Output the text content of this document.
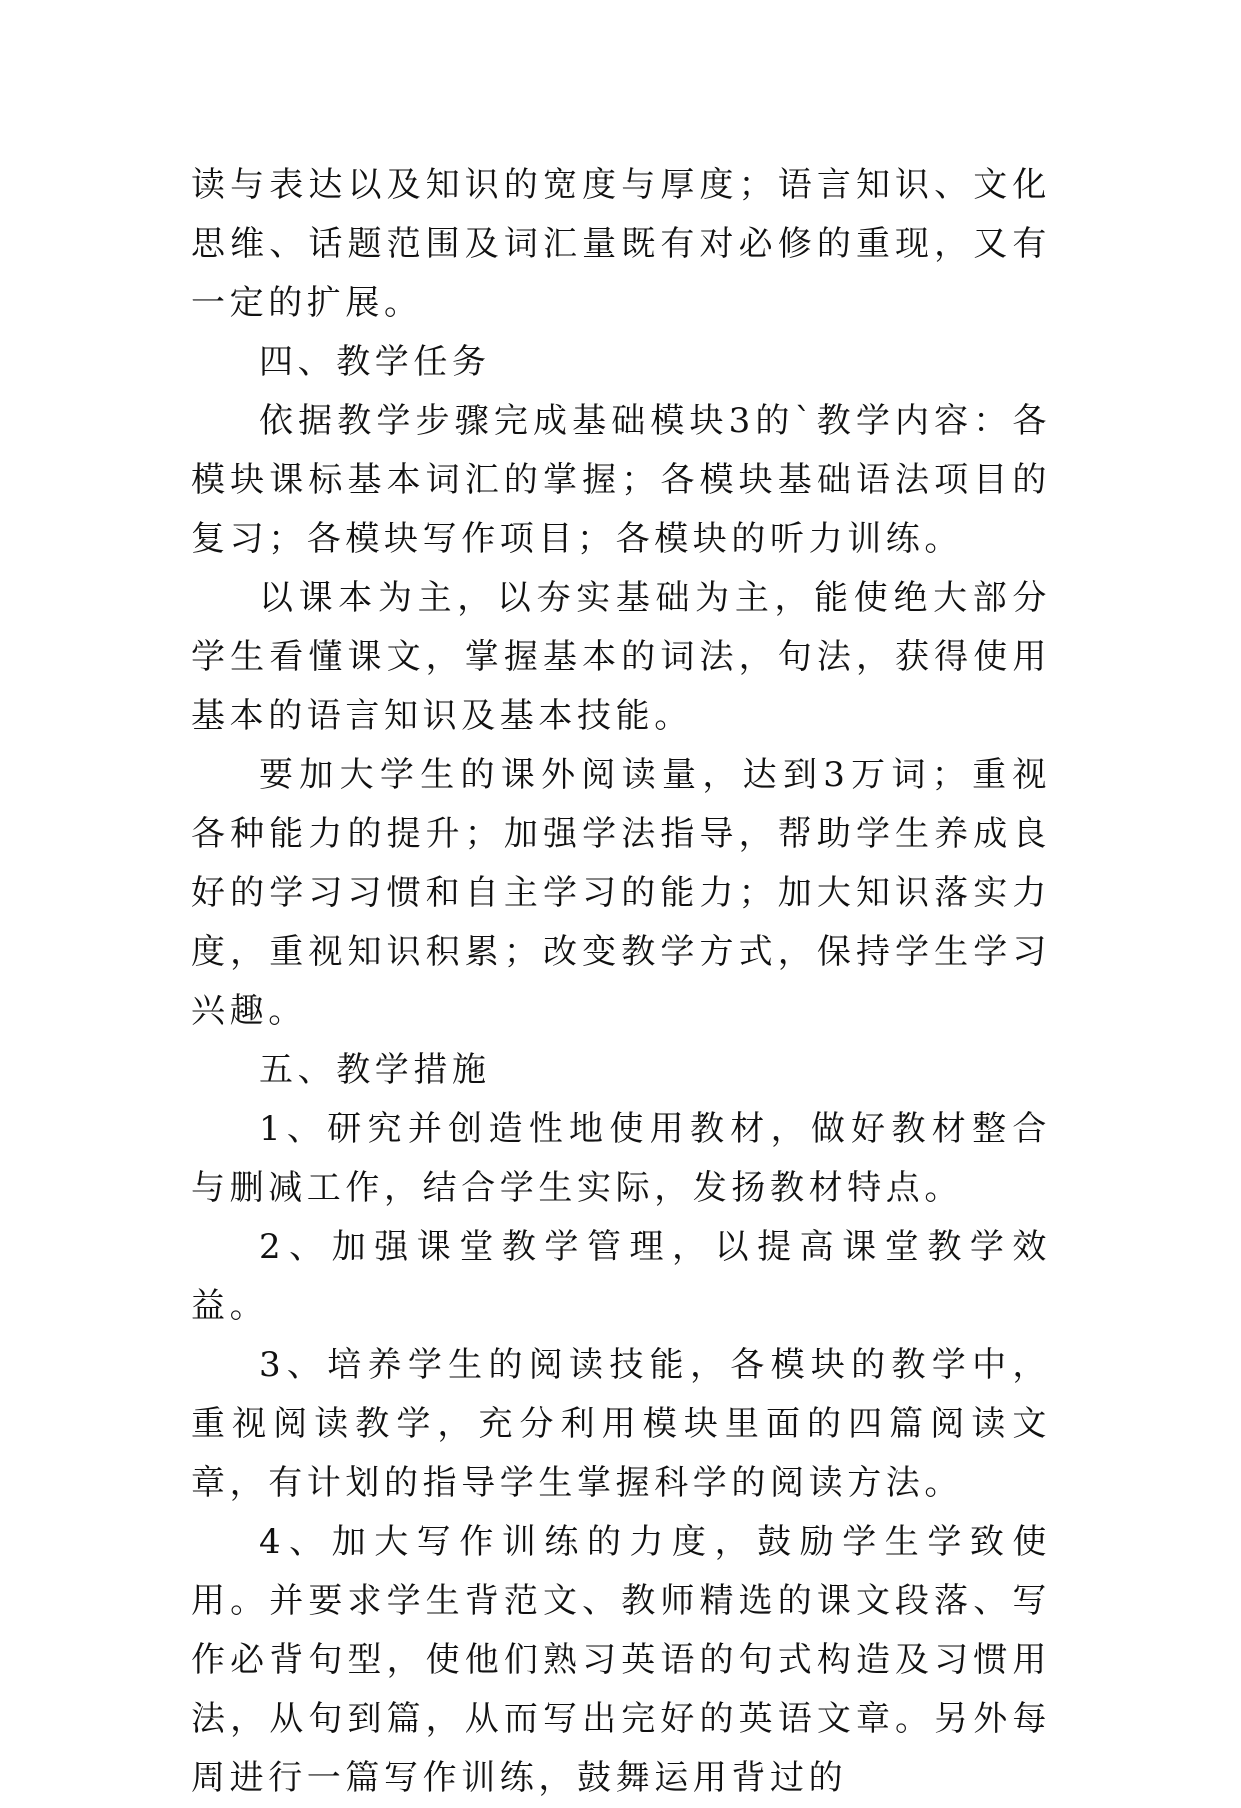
读与表达以及知识的宽度与厚度；语言知识、文化思维、话题范围及词汇量既有对必修的重现，又有一定的扩展。

四、教学任务

依据教学步骤完成基础模块3的`教学内容：各模块课标基本词汇的掌握；各模块基础语法项目的复习；各模块写作项目；各模块的听力训练。

以课本为主，以夯实基础为主，能使绝大部分学生看懂课文，掌握基本的词法，句法，获得使用基本的语言知识及基本技能。

要加大学生的课外阅读量，达到3万词；重视各种能力的提升；加强学法指导，帮助学生养成良好的学习习惯和自主学习的能力；加大知识落实力度，重视知识积累；改变教学方式，保持学生学习兴趣。

五、教学措施

1、研究并创造性地使用教材，做好教材整合与删减工作，结合学生实际，发扬教材特点。

2、加强课堂教学管理，以提高课堂教学效益。

3、培养学生的阅读技能，各模块的教学中，重视阅读教学，充分利用模块里面的四篇阅读文章，有计划的指导学生掌握科学的阅读方法。

4、加大写作训练的力度，鼓励学生学致使用。并要求学生背范文、教师精选的课文段落、写作必背句型，使他们熟习英语的句式构造及习惯用法，从句到篇，从而写出完好的英语文章。另外每周进行一篇写作训练，鼓舞运用背过的
